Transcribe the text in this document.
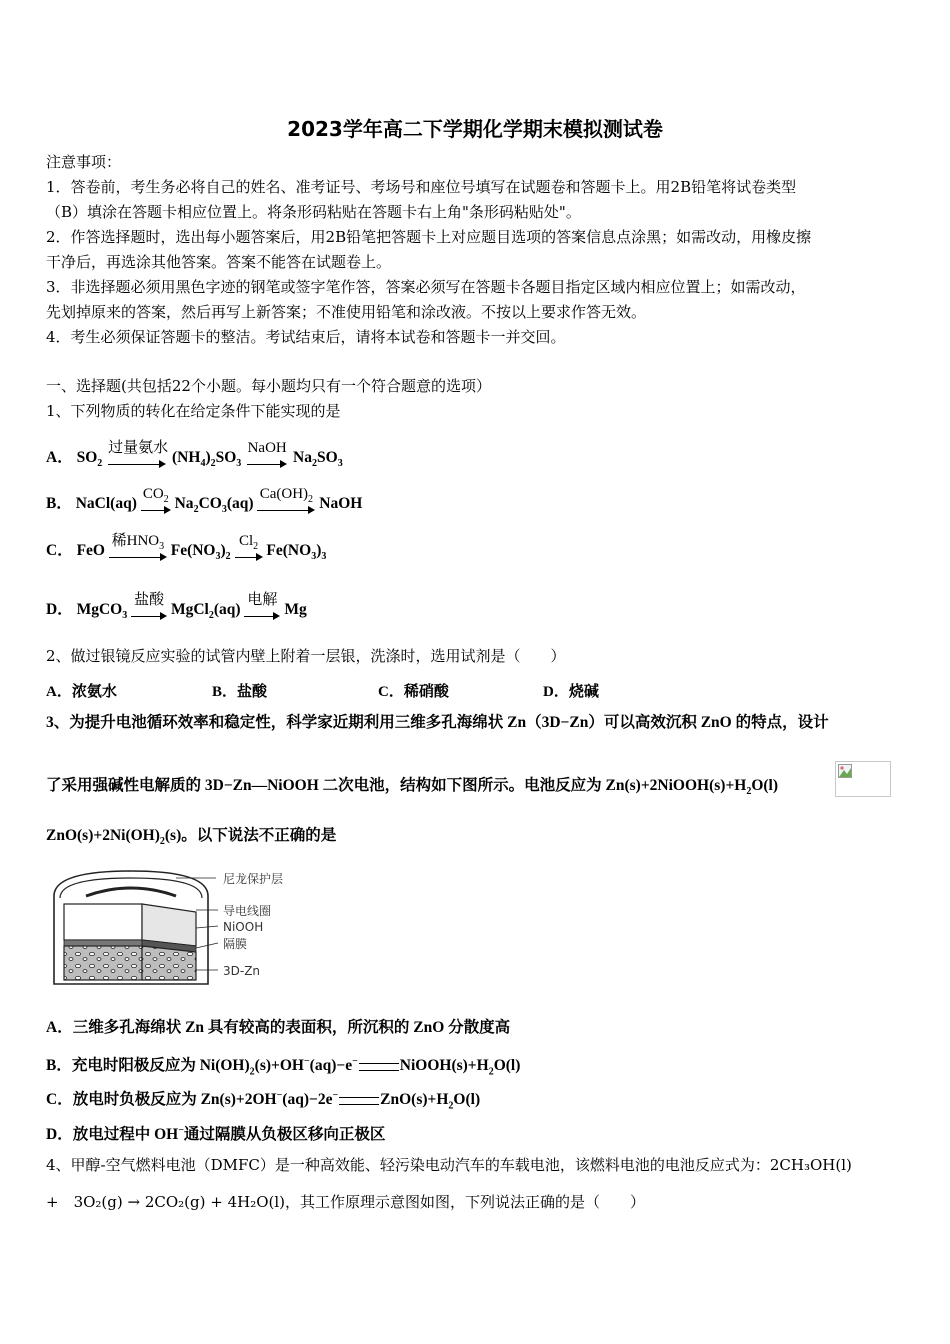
2023学年高二下学期化学期末模拟测试卷
注意事项：
1．答卷前，考生务必将自己的姓名、准考证号、考场号和座位号填写在试题卷和答题卡上。用2B铅笔将试卷类型
（B）填涂在答题卡相应位置上。将条形码粘贴在答题卡右上角"条形码粘贴处"。
2．作答选择题时，选出每小题答案后，用2B铅笔把答题卡上对应题目选项的答案信息点涂黑；如需改动，用橡皮擦
干净后，再选涂其他答案。答案不能答在试题卷上。
3．非选择题必须用黑色字迹的钢笔或签字笔作答，答案必须写在答题卡各题目指定区域内相应位置上；如需改动，
先划掉原来的答案，然后再写上新答案；不准使用铅笔和涂改液。不按以上要求作答无效。
4．考生必须保证答题卡的整洁。考试结束后，请将本试卷和答题卡一并交回。
一、选择题(共包括22个小题。每小题均只有一个符合题意的选项）
1、下列物质的转化在给定条件下能实现的是
A． $SO_2$
过量氨水
$(NH_4)_2SO_3$
NaOH
$Na_2SO_3$
B． NaCl(aq)
$CO_2$ $Na_2CO_3(aq)$
$Ca(OH)_2$ NaOH
C． FeO
稀$HNO_3$ $Fe(NO_3)_2$
$Cl_2$ $Fe(NO_3)_3$
D． MgCO$_3$
盐酸
MgCl$_2$(aq)
电解
Mg
2、做过银镜反应实验的试管内壁上附着一层银，洗涤时，选用试剂是（　　）
A．浓氨水	B．盐酸	C．稀硝酸	D．烧碱
3、为提升电池循环效率和稳定性，科学家近期利用三维多孔海绵状 Zn（3D−Zn）可以高效沉积 ZnO 的特点，设计
了采用强碱性电解质的 3D−Zn—NiOOH 二次电池，结构如下图所示。电池反应为 $Zn(s)+2NiOOH(s)+H_2O(l)$
$ZnO(s)+2Ni(OH)_2(s)$。以下说法不正确的是
尼龙保护层
导电线圈
NiOOH
隔膜
3D-Zn
A．三维多孔海绵状 Zn 具有较高的表面积，所沉积的 ZnO 分散度高
B．充电时阳极反应为 $Ni(OH)_2(s)+OH^-(aq)-e^-$	$NiOOH(s)+H_2O(l)$
C．放电时负极反应为 Zn(s)+2OH−(aq)−2e−	$ZnO(s)+H_2O(l)$
D．放电过程中 OH−通过隔膜从负极区移向正极区
4、甲醇-空气燃料电池（DMFC）是一种高效能、轻污染电动汽车的车载电池，该燃料电池的电池反应式为：2CH₃OH(l)
+　3O₂(g) → 2CO₂(g) + 4H₂O(l)，其工作原理示意图如图，下列说法正确的是（　　）
